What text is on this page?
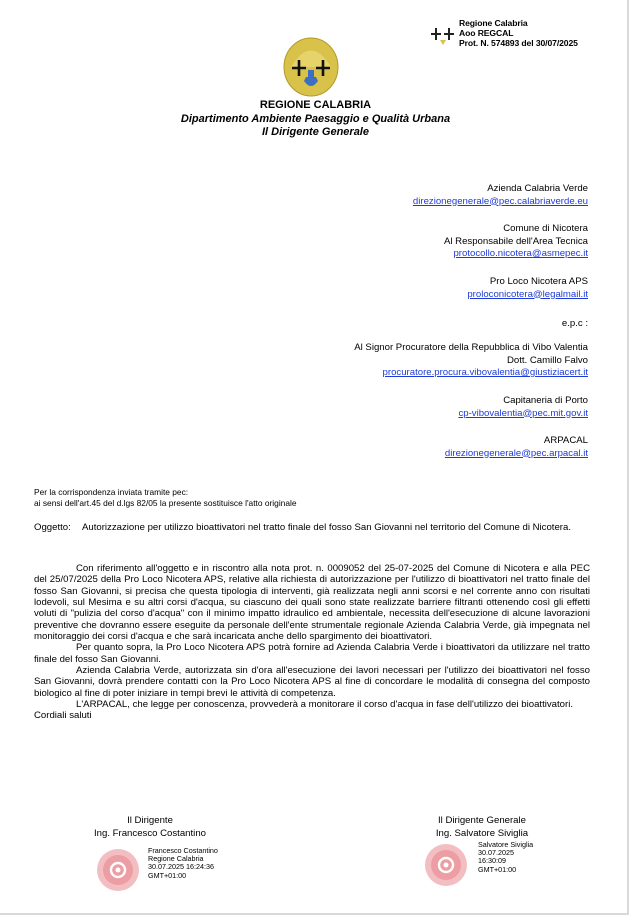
Regione Calabria
Aoo REGCAL
Prot. N. 574893 del 30/07/2025
REGIONE CALABRIA
Dipartimento Ambiente Paesaggio e Qualità Urbana
Il Dirigente Generale
Azienda Calabria Verde
direzionegenerale@pec.calabriaverde.eu
Comune di Nicotera
Al Responsabile dell'Area Tecnica
protocollo.nicotera@asmepec.it
Pro Loco Nicotera APS
proloconicotera@legalmail.it
e.p.c :
Al Signor Procuratore della Repubblica di Vibo Valentia
Dott. Camillo Falvo
procuratore.procura.vibovalentia@giustiziacert.it
Capitaneria di Porto
cp-vibovalentia@pec.mit.gov.it
ARPACAL
direzionegenerale@pec.arpacal.it
Per la corrispondenza inviata tramite pec:
ai sensi dell'art.45 del d.lgs 82/05 la presente sostituisce l'atto originale
Oggetto:	Autorizzazione per utilizzo bioattivatori nel tratto finale del fosso San Giovanni nel territorio del Comune di Nicotera.

Con riferimento all'oggetto e in riscontro alla nota prot. n. 0009052 del 25-07-2025 del Comune di Nicotera e alla PEC del 25/07/2025 della Pro Loco Nicotera APS, relative alla richiesta di autorizzazione per l'utilizzo di bioattivatori nel tratto finale del fosso San Giovanni, si precisa che questa tipologia di interventi, già realizzata negli anni scorsi e nel corrente anno con risultati lodevoli, sul Mesima e su altri corsi d'acqua, su ciascuno dei quali sono state realizzate barriere filtranti ottenendo così gli effetti voluti di "pulizia del corso d'acqua" con il minimo impatto idraulico ed ambientale, necessita dell'esecuzione di alcune lavorazioni preventive che dovranno essere eseguite da personale dell'ente strumentale regionale Azienda Calabria Verde, già impegnata nel monitoraggio dei corsi d'acqua e che sarà incaricata anche dello spargimento dei bioattivatori.

Per quanto sopra, la Pro Loco Nicotera APS potrà fornire ad Azienda Calabria Verde i bioattivatori da utilizzare nel tratto finale del fosso San Giovanni.

Azienda Calabria Verde, autorizzata sin d'ora all'esecuzione dei lavori necessari per l'utilizzo dei bioattivatori nel fosso San Giovanni, dovrà prendere contatti con la Pro Loco Nicotera APS al fine di concordare le modalità di consegna del composto biologico al fine di poter iniziare in tempi brevi le attività di competenza.

L'ARPACAL, che legge per conoscenza, provvederà a monitorare il corso d'acqua in fase dell'utilizzo dei bioattivatori.

Cordiali saluti

Il Dirigente
Ing. Francesco Costantino
Francesco Costantino
Regione Calabria
30.07.2025 16:24:36
GMT+01:00
Il Dirigente Generale
Ing. Salvatore Siviglia
Salvatore Siviglia
30.07.2025
16:30:09
GMT+01:00
